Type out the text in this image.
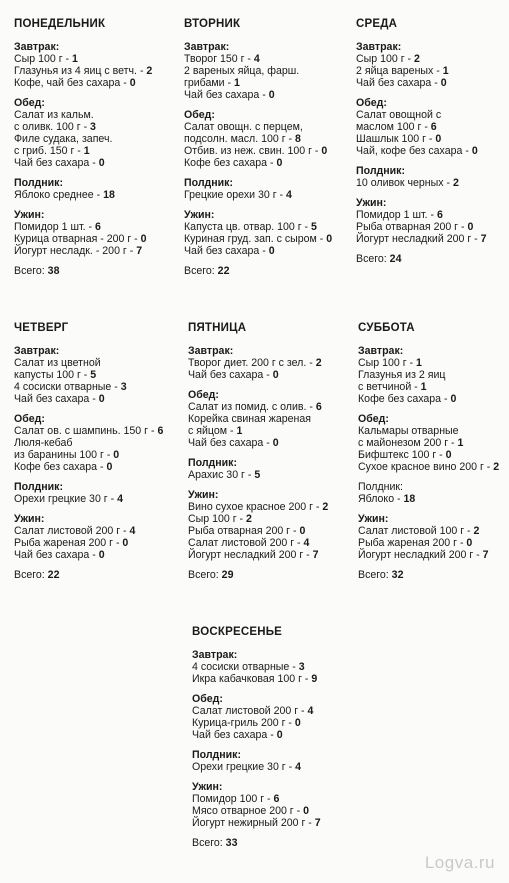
ПОНЕДЕЛЬНИК
Завтрак:
Сыр 100 г - 1
Глазунья из 4 яиц с ветч. - 2
Кофе, чай без сахара - 0
Обед:
Салат из кальм.
с оливк. 100 г - 3
Филе судака, запеч.
с гриб. 150 г - 1
Чай без сахара - 0
Полдник:
Яблоко среднее - 18
Ужин:
Помидор 1 шт. - 6
Курица отварная - 200 г - 0
Йогурт несладк. - 200 г - 7
Всего: 38
ВТОРНИК
Завтрак:
Творог 150 г - 4
2 вареных яйца, фарш.
грибами - 1
Чай без сахара - 0
Обед:
Салат овощн. с перцем,
подсолн. масл. 100 г - 8
Отбив. из неж. свин. 100 г - 0
Кофе без сахара - 0
Полдник:
Грецкие орехи 30 г - 4
Ужин:
Капуста цв. отвар. 100 г - 5
Куриная груд. зап. с сыром - 0
Чай без сахара - 0
Всего: 22
СРЕДА
Завтрак:
Сыр 100 г - 2
2 яйца вареных - 1
Чай без сахара - 0
Обед:
Салат овощной с
маслом 100 г - 6
Шашлык 100 г - 0
Чай, кофе без сахара - 0
Полдник:
10 оливок черных - 2
Ужин:
Помидор 1 шт. - 6
Рыба отварная 200 г - 0
Йогурт несладкий 200 г - 7
Всего: 24
ЧЕТВЕРГ
Завтрак:
Салат из цветной
капусты 100 г - 5
4 сосиски отварные - 3
Чай без сахара - 0
Обед:
Салат ов. с шампинь. 150 г - 6
Люля-кебаб
из баранины 100 г - 0
Кофе без сахара - 0
Полдник:
Орехи грецкие 30 г - 4
Ужин:
Салат листовой 200 г - 4
Рыба жареная 200 г - 0
Чай без сахара - 0
Всего: 22
ПЯТНИЦА
Завтрак:
Творог диет. 200 г с зел. - 2
Чай без сахара - 0
Обед:
Салат из помид. с олив. - 6
Корейка свиная жареная
с яйцом - 1
Чай без сахара - 0
Полдник:
Арахис 30 г - 5
Ужин:
Вино сухое красное 200 г - 2
Сыр 100 г - 2
Рыба отварная 200 г - 0
Салат листовой 200 г - 4
Йогурт несладкий 200 г - 7
Всего: 29
СУББОТА
Завтрак:
Сыр 100 г - 1
Глазунья из 2 яиц
с ветчиной - 1
Кофе без сахара - 0
Обед:
Кальмары отварные
с майонезом 200 г - 1
Бифштекс 100 г - 0
Сухое красное вино 200 г - 2
Полдник:
Яблоко - 18
Ужин:
Салат листовой 100 г - 2
Рыба жареная 200 г - 0
Йогурт несладкий 200 г - 7
Всего: 32
ВОСКРЕСЕНЬЕ
Завтрак:
4 сосиски отварные - 3
Икра кабачковая 100 г - 9
Обед:
Салат листовой 200 г - 4
Курица-гриль 200 г - 0
Чай без сахара - 0
Полдник:
Орехи грецкие 30 г - 4
Ужин:
Помидор 100 г - 6
Мясо отварное 200 г - 0
Йогурт нежирный 200 г - 7
Всего: 33
Logva.ru
